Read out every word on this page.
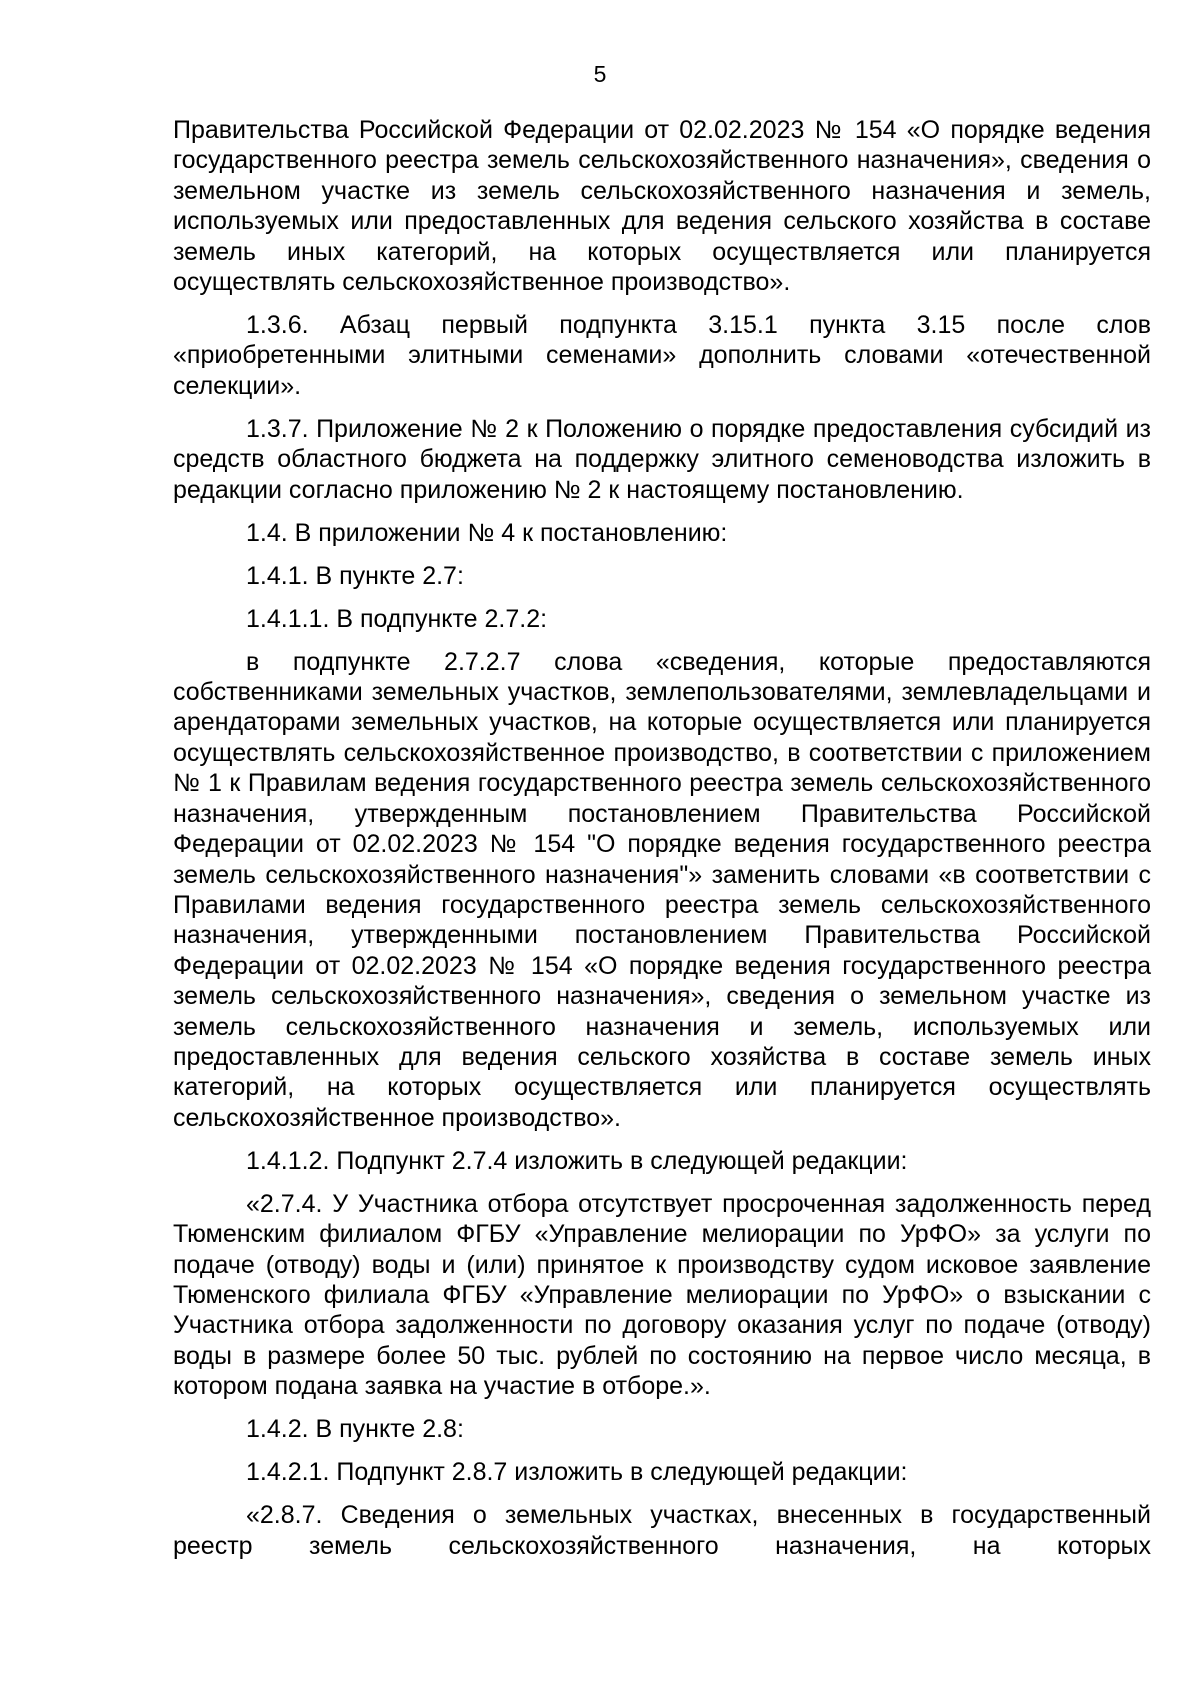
5

Правительства Российской Федерации от 02.02.2023 № 154 «О порядке ведения государственного реестра земель сельскохозяйственного назначения», сведения о земельном участке из земель сельскохозяйственного назначения и земель, используемых или предоставленных для ведения сельского хозяйства в составе земель иных категорий, на которых осуществляется или планируется осуществлять сельскохозяйственное производство».

1.3.6. Абзац первый подпункта 3.15.1 пункта 3.15 после слов «приобретенными элитными семенами» дополнить словами «отечественной селекции».

1.3.7. Приложение № 2 к Положению о порядке предоставления субсидий из средств областного бюджета на поддержку элитного семеноводства изложить в редакции согласно приложению № 2 к настоящему постановлению.

1.4. В приложении № 4 к постановлению:

1.4.1. В пункте 2.7:

1.4.1.1. В подпункте 2.7.2:

в подпункте 2.7.2.7 слова «сведения, которые предоставляются собственниками земельных участков, землепользователями, землевладельцами и арендаторами земельных участков, на которые осуществляется или планируется осуществлять сельскохозяйственное производство, в соответствии с приложением № 1 к Правилам ведения государственного реестра земель сельскохозяйственного назначения, утвержденным постановлением Правительства Российской Федерации от 02.02.2023 № 154 "О порядке ведения государственного реестра земель сельскохозяйственного назначения"» заменить словами «в соответствии с Правилами ведения государственного реестра земель сельскохозяйственного назначения, утвержденными постановлением Правительства Российской Федерации от 02.02.2023 № 154 «О порядке ведения государственного реестра земель сельскохозяйственного назначения», сведения о земельном участке из земель сельскохозяйственного назначения и земель, используемых или предоставленных для ведения сельского хозяйства в составе земель иных категорий, на которых осуществляется или планируется осуществлять сельскохозяйственное производство».

1.4.1.2. Подпункт 2.7.4 изложить в следующей редакции:

«2.7.4. У Участника отбора отсутствует просроченная задолженность перед Тюменским филиалом ФГБУ «Управление мелиорации по УрФО» за услуги по подаче (отводу) воды и (или) принятое к производству судом исковое заявление Тюменского филиала ФГБУ «Управление мелиорации по УрФО» о взыскании с Участника отбора задолженности по договору оказания услуг по подаче (отводу) воды в размере более 50 тыс. рублей по состоянию на первое число месяца, в котором подана заявка на участие в отборе.».

1.4.2. В пункте 2.8:

1.4.2.1. Подпункт 2.8.7 изложить в следующей редакции:

«2.8.7. Сведения о земельных участках, внесенных в государственный реестр земель сельскохозяйственного назначения, на которых
